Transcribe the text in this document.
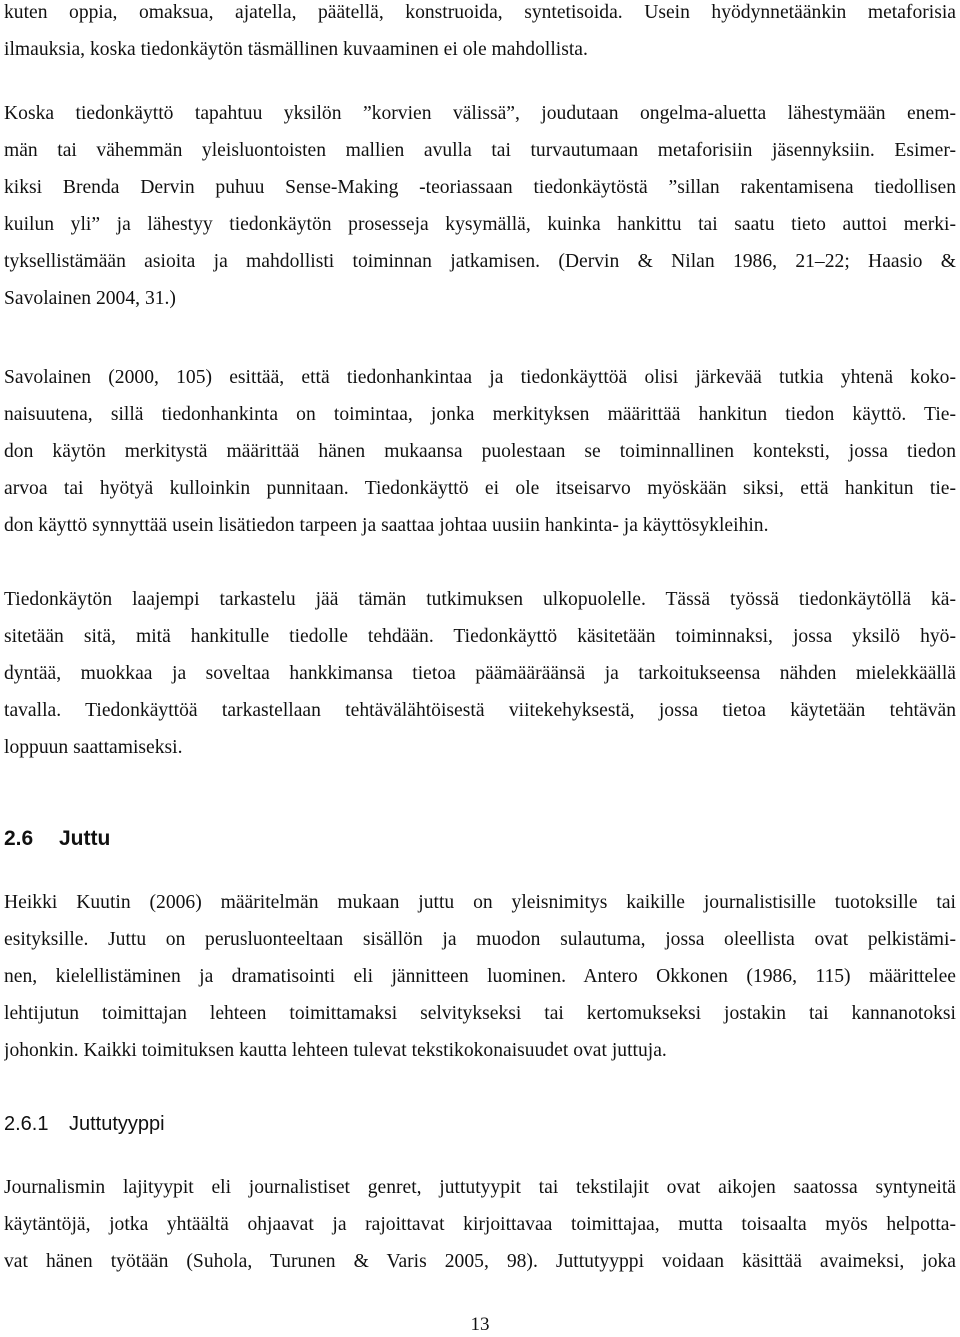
kuten oppia, omaksua, ajatella, päätellä, konstruoida, syntetisoida. Usein hyödynnetäänkin metaforisia
ilmauksia, koska tiedonkäytön täsmällinen kuvaaminen ei ole mahdollista.
Koska tiedonkäyttö tapahtuu yksilön ”korvien välissä”, joudutaan ongelma-aluetta lähestymään enem-
män tai vähemmän yleisluontoisten mallien avulla tai turvautumaan metaforisiin jäsennyksiin. Esimer-
kiksi Brenda Dervin puhuu Sense-Making -teoriassaan tiedonkäytöstä ”sillan rakentamisena tiedollisen
kuilun yli” ja lähestyy tiedonkäytön prosesseja kysymällä, kuinka hankittu tai saatu tieto auttoi merki-
tyksellistämään asioita ja mahdollisti toiminnan jatkamisen. (Dervin & Nilan 1986, 21–22; Haasio &
Savolainen 2004, 31.)
Savolainen (2000, 105) esittää, että tiedonhankintaa ja tiedonkäyttöä olisi järkevää tutkia yhtenä koko-
naisuutena, sillä tiedonhankinta on toimintaa, jonka merkityksen määrittää hankitun tiedon käyttö. Tie-
don käytön merkitystä määrittää hänen mukaansa puolestaan se toiminnallinen konteksti, jossa tiedon
arvoa tai hyötyä kulloinkin punnitaan. Tiedonkäyttö ei ole itseisarvo myöskään siksi, että hankitun tie-
don käyttö synnyttää usein lisätiedon tarpeen ja saattaa johtaa uusiin hankinta- ja käyttösykleihin.
Tiedonkäytön laajempi tarkastelu jää tämän tutkimuksen ulkopuolelle. Tässä työssä tiedonkäytöllä kä-
sitetään sitä, mitä hankitulle tiedolle tehdään. Tiedonkäyttö käsitetään toiminnaksi, jossa yksilö hyö-
dyntää, muokkaa ja soveltaa hankkimansa tietoa päämääräänsä ja tarkoitukseensa nähden mielekkäällä
tavalla. Tiedonkäyttöä tarkastellaan tehtävälähtöisestä viitekehyksestä, jossa tietoa käytetään tehtävän
loppuun saattamiseksi.
2.6 Juttu
Heikki Kuutin (2006) määritelmän mukaan juttu on yleisnimitys kaikille journalistisille tuotoksille tai
esityksille. Juttu on perusluonteeltaan sisällön ja muodon sulautuma, jossa oleellista ovat pelkistämi-
nen, kielellistäminen ja dramatisointi eli jännitteen luominen. Antero Okkonen (1986, 115) määrittelee
lehtijutun toimittajan lehteen toimittamaksi selvitykseksi tai kertomukseksi jostakin tai kannanotoksi
johonkin. Kaikki toimituksen kautta lehteen tulevat tekstikokonaisuudet ovat juttuja.
2.6.1 Juttutyyppi
Journalismin lajityypit eli journalistiset genret, juttutyypit tai tekstilajit ovat aikojen saatossa syntyneitä
käytäntöjä, jotka yhtäältä ohjaavat ja rajoittavat kirjoittavaa toimittajaa, mutta toisaalta myös helpotta-
vat hänen työtään (Suhola, Turunen & Varis 2005, 98). Juttutyyppi voidaan käsittää avaimeksi, joka
13
